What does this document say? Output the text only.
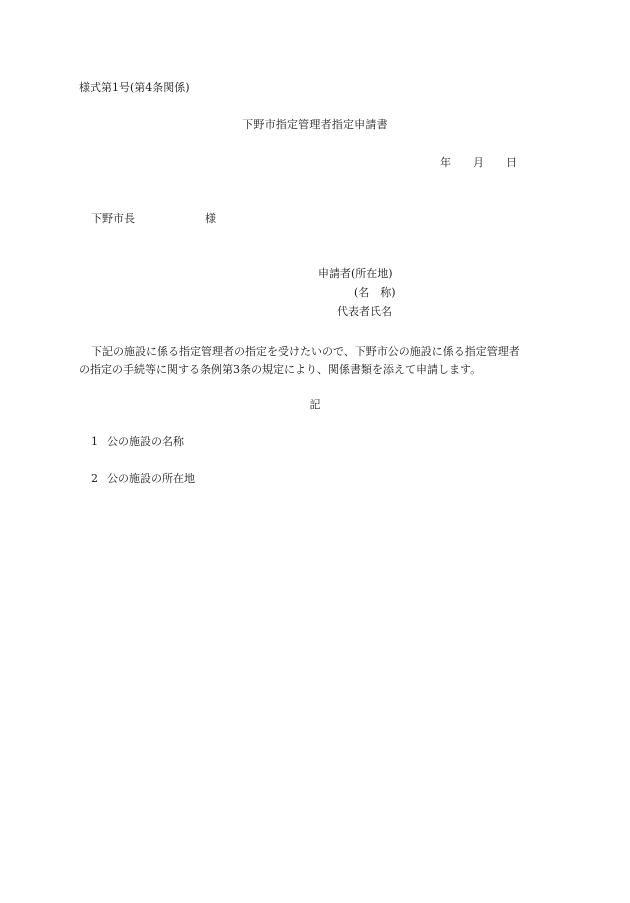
様式第1号(第4条関係)

下野市指定管理者指定申請書

年 月 日

下野市長	様

申請者(所在地)

(名　称)

代表者氏名

下記の施設に係る指定管理者の指定を受けたいので、下野市公の施設に係る指定管理者
の指定の手続等に関する条例第3条の規定により、関係書類を添えて申請します。

記

1 公の施設の名称

2 公の施設の所在地
